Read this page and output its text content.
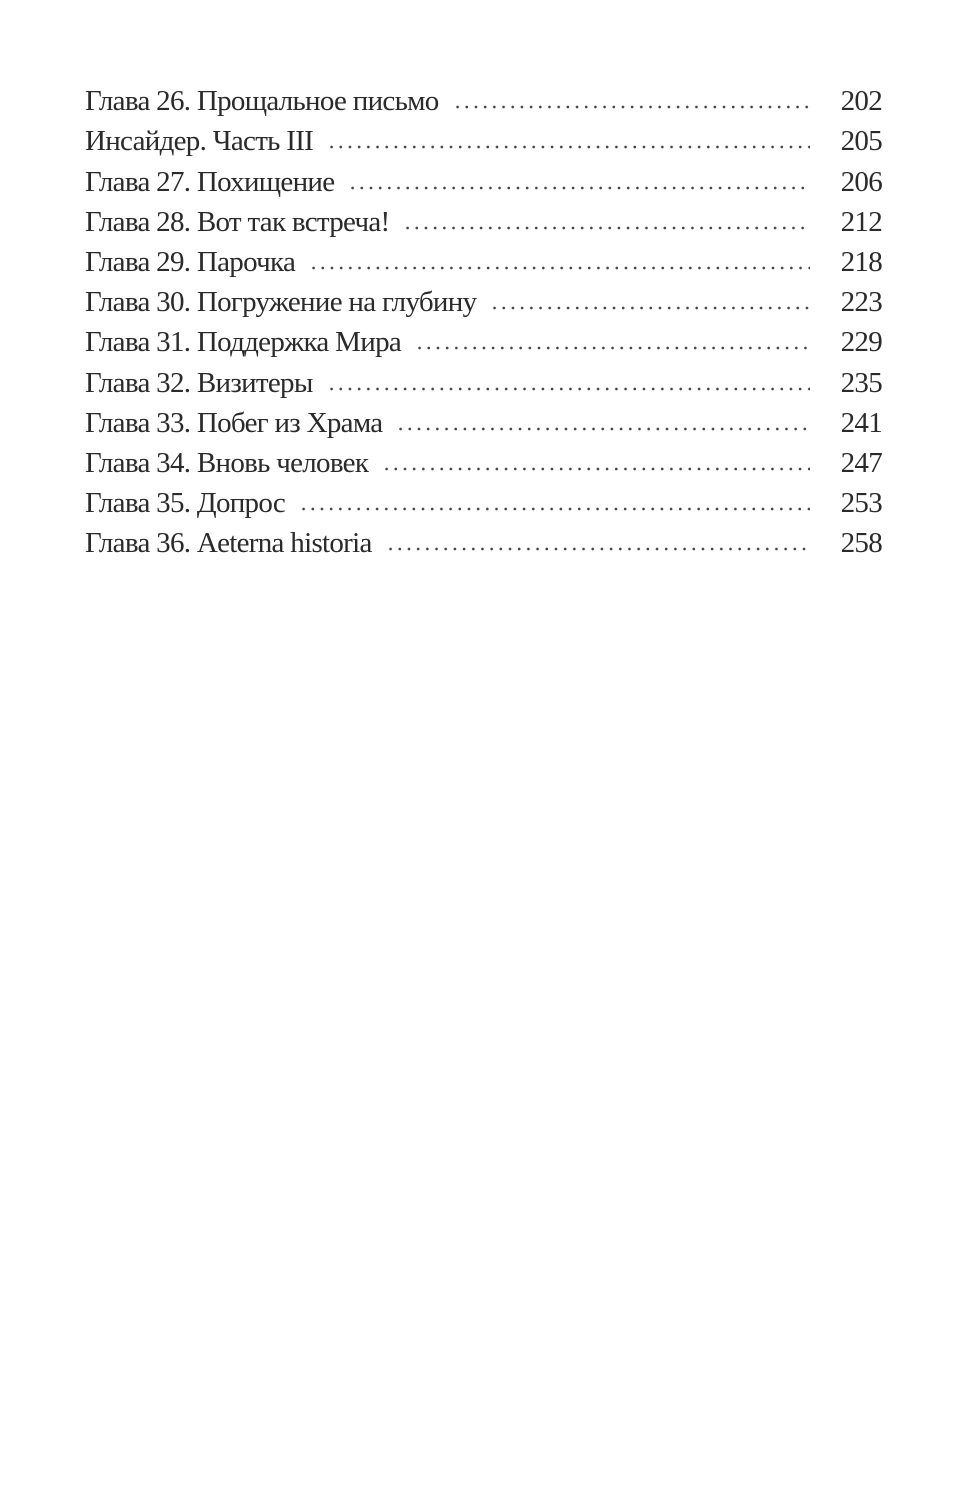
Глава 26. Прощальное письмо	202
Инсайдер. Часть III	205
Глава 27. Похищение	206
Глава 28. Вот так встреча!	212
Глава 29. Парочка	218
Глава 30. Погружение на глубину	223
Глава 31. Поддержка Мира	229
Глава 32. Визитеры	235
Глава 33. Побег из Храма	241
Глава 34. Вновь человек	247
Глава 35. Допрос	253
Глава 36. Aeterna historia	258
